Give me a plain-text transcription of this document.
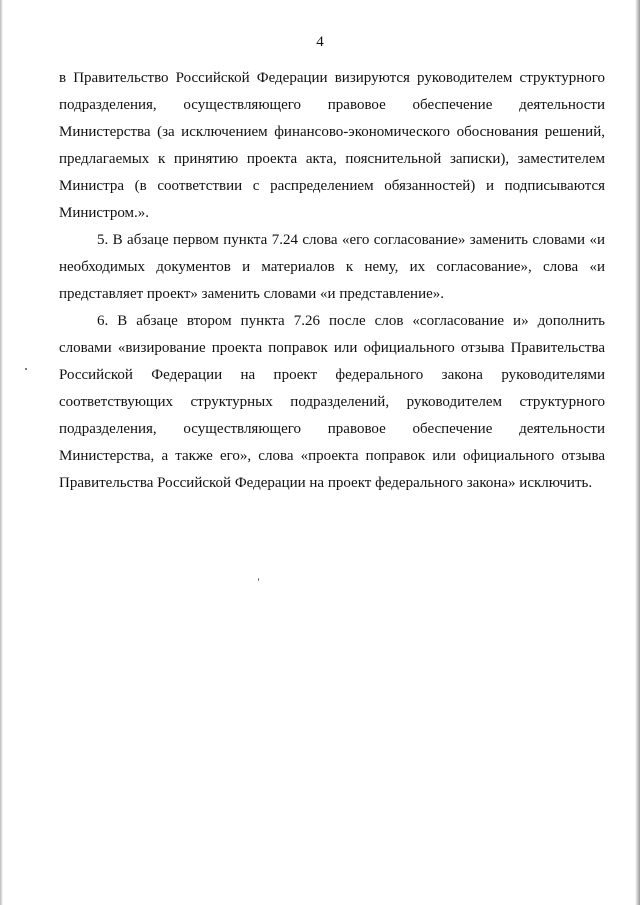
4

в Правительство Российской Федерации визируются руководителем структурного подразделения, осуществляющего правовое обеспечение деятельности Министерства (за исключением финансово-экономического обоснования решений, предлагаемых к принятию проекта акта, пояснительной записки), заместителем Министра (в соответствии с распределением обязанностей) и подписываются Министром.».

5. В абзаце первом пункта 7.24 слова «его согласование» заменить словами «и необходимых документов и материалов к нему, их согласование», слова «и представляет проект» заменить словами «и представление».

6. В абзаце втором пункта 7.26 после слов «согласование и» дополнить словами «визирование проекта поправок или официального отзыва Правительства Российской Федерации на проект федерального закона руководителями соответствующих структурных подразделений, руководителем структурного подразделения, осуществляющего правовое обеспечение деятельности Министерства, а также его», слова «проекта поправок или официального отзыва Правительства Российской Федерации на проект федерального закона» исключить.
